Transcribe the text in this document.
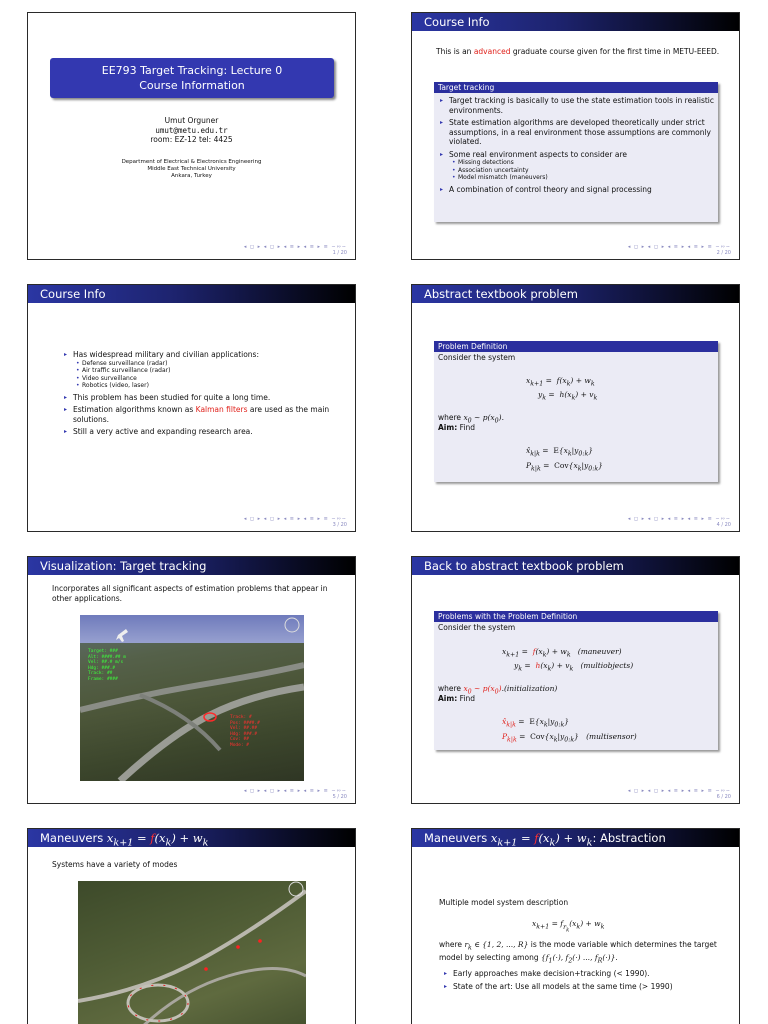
EE793 Target Tracking: Lecture 0
Course Information
Umut Orguner
umut@metu.edu.tr
room: EZ-12 tel: 4425
Department of Electrical & Electronics Engineering
Middle East Technical University
Ankara, Turkey
◂ ◻ ▸ ◂ ◻ ▸ ◂ ≡ ▸ ◂ ≡ ▸ ≡ ∽∾∽
1 / 20
Course Info
This is an advanced graduate course given for the first time in METU-EEED.
Target tracking
▸ Target tracking is basically to use the state estimation tools in realistic environments.
▸ State estimation algorithms are developed theoretically under strict assumptions, in a real environment those assumptions are commonly violated.
▸ Some real environment aspects to consider are
• Missing detections
• Association uncertainty
• Model mismatch (maneuvers)
▸ A combination of control theory and signal processing
◂ ◻ ▸ ◂ ◻ ▸ ◂ ≡ ▸ ◂ ≡ ▸ ≡ ∽∾∽
2 / 20
Course Info
▸ Has widespread military and civilian applications:
• Defense surveillance (radar)
• Air traffic surveillance (radar)
• Video surveillance
• Robotics (video, laser)
▸ This problem has been studied for quite a long time.
▸ Estimation algorithms known as Kalman filters are used as the main solutions.
▸ Still a very active and expanding research area.
◂ ◻ ▸ ◂ ◻ ▸ ◂ ≡ ▸ ◂ ≡ ▸ ≡ ∽∾∽
3 / 20
Abstract textbook problem
Problem Definition
Consider the system
$x_{k+1} = f(x_k) + w_k$
$y_k = h(x_k) + v_k$
where $x_0$ ~ $p(x_0)$.
Aim: Find
$x̂_{k|k} = E\{x_k|y_{0:k}\}$
$P_{k|k} = Cov\{x_k|y_{0:k}\}$
◂ ◻ ▸ ◂ ◻ ▸ ◂ ≡ ▸ ◂ ≡ ▸ ≡ ∽∾∽
4 / 20
Visualization: Target tracking
Incorporates all significant aspects of estimation problems that appear in other applications.
Target: ###
Alt: ####.## m
Vel: ##.# m/s
Hdg: ###.#
Track: ##
Frame: ####
Track: #
Pos: ####.#
Vel: ##.##
Hdg: ###.#
Cov: ##
Mode: #
◂ ◻ ▸ ◂ ◻ ▸ ◂ ≡ ▸ ◂ ≡ ▸ ≡ ∽∾∽
5 / 20
Back to abstract textbook problem
Problems with the Problem Definition
Consider the system
$x_{k+1} = f(x_k) + w_k$ (maneuver)
$y_k = h(x_k) + v_k$ (multiobjects)
where $x_0$ ~ $p(x_0).(initialization)$
Aim: Find
$x̂_{k|k} = E\{x_k|y_{0:k}\}$
$P_{k|k} = Cov\{x_k|y_{0:k}\}$   (multisensor)
◂ ◻ ▸ ◂ ◻ ▸ ◂ ≡ ▸ ◂ ≡ ▸ ≡ ∽∾∽
6 / 20
Maneuvers $x_{k+1} = f(x_k) + w_k$
Systems have a variety of modes
Maneuvers $x_{k+1} = f(x_k) + w_k$: Abstraction
Multiple model system description
$x_{k+1} = f_{r_k}(x_k) + w_k$
where $r_k$ ∈ {1, 2, ..., R} is the mode variable which determines the target model by selecting among {$f_1(\cdot)$, $f_2(\cdot)$ ..., $f_R(\cdot)$}.
▸ Early approaches make decision+tracking (< 1990).
▸ State of the art: Use all models at the same time (> 1990)
